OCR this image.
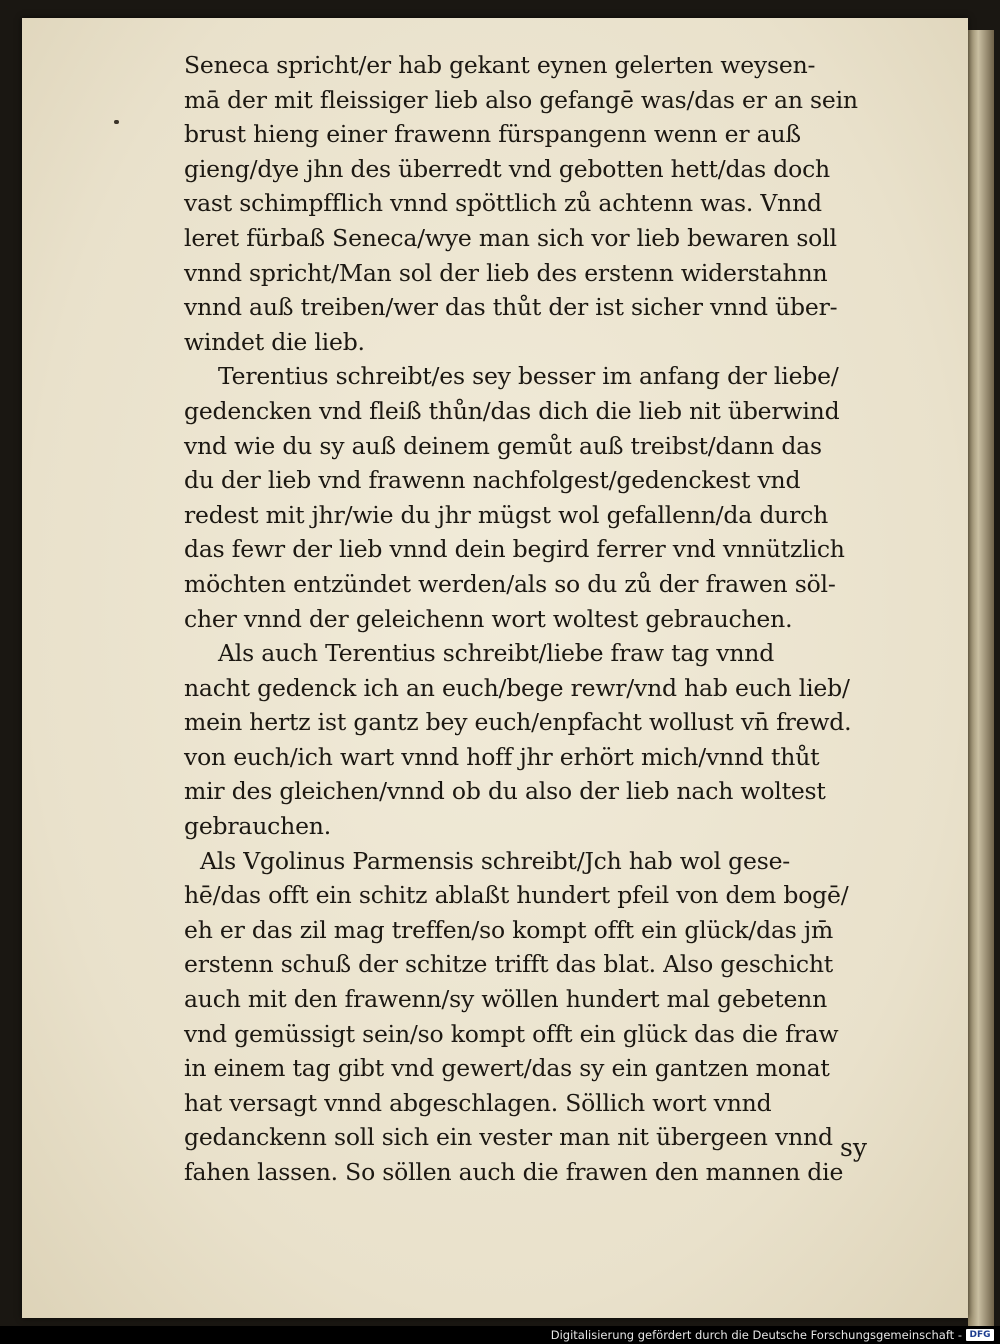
Seneca spricht/er hab gekant eynen gelerten weysen-
mā der mit fleissiger lieb also gefangē was/das er an sein
brust hieng einer frawenn fürspangenn wenn er auß
gieng/dye jhn des überredt vnd gebotten hett/das doch
vast schimpfflich vnnd spöttlich zů achtenn was. Vnnd
leret fürbaß Seneca/wye man sich vor lieb bewaren soll
vnnd spricht/Man sol der lieb des erstenn widerstahnn
vnnd auß treiben/wer das thůt der ist sicher vnnd über-
windet die lieb.
Terentius schreibt/es sey besser im anfang der liebe/
gedencken vnd fleiß thůn/das dich die lieb nit überwind
vnd wie du sy auß deinem gemůt auß treibst/dann das
du der lieb vnd frawenn nachfolgest/gedenckest vnd
redest mit jhr/wie du jhr mügst wol gefallenn/da durch
das fewr der lieb vnnd dein begird ferrer vnd vnnützlich
möchten entzündet werden/als so du zů der frawen söl-
cher vnnd der geleichenn wort woltest gebrauchen.
Als auch Terentius schreibt/liebe fraw tag vnnd
nacht gedenck ich an euch/bege rewr/vnd hab euch lieb/
mein hertz ist gantz bey euch/enpfacht wollust vn̄ frewd.
von euch/ich wart vnnd hoff jhr erhört mich/vnnd thůt
mir des gleichen/vnnd ob du also der lieb nach woltest
gebrauchen.
Als Vgolinus Parmensis schreibt/Jch hab wol gese-
hē/das offt ein schitz ablaßt hundert pfeil von dem bogē/
eh er das zil mag treffen/so kompt offt ein glück/das jm̄
erstenn schuß der schitze trifft das blat. Also geschicht
auch mit den frawenn/sy wöllen hundert mal gebetenn
vnd gemüssigt sein/so kompt offt ein glück das die fraw
in einem tag gibt vnd gewert/das sy ein gantzen monat
hat versagt vnnd abgeschlagen. Söllich wort vnnd
gedanckenn soll sich ein vester man nit übergeen vnnd
fahen lassen. So söllen auch die frawen den mannen die
sy
Digitalisierung gefördert durch die Deutsche Forschungsgemeinschaft - DFG
